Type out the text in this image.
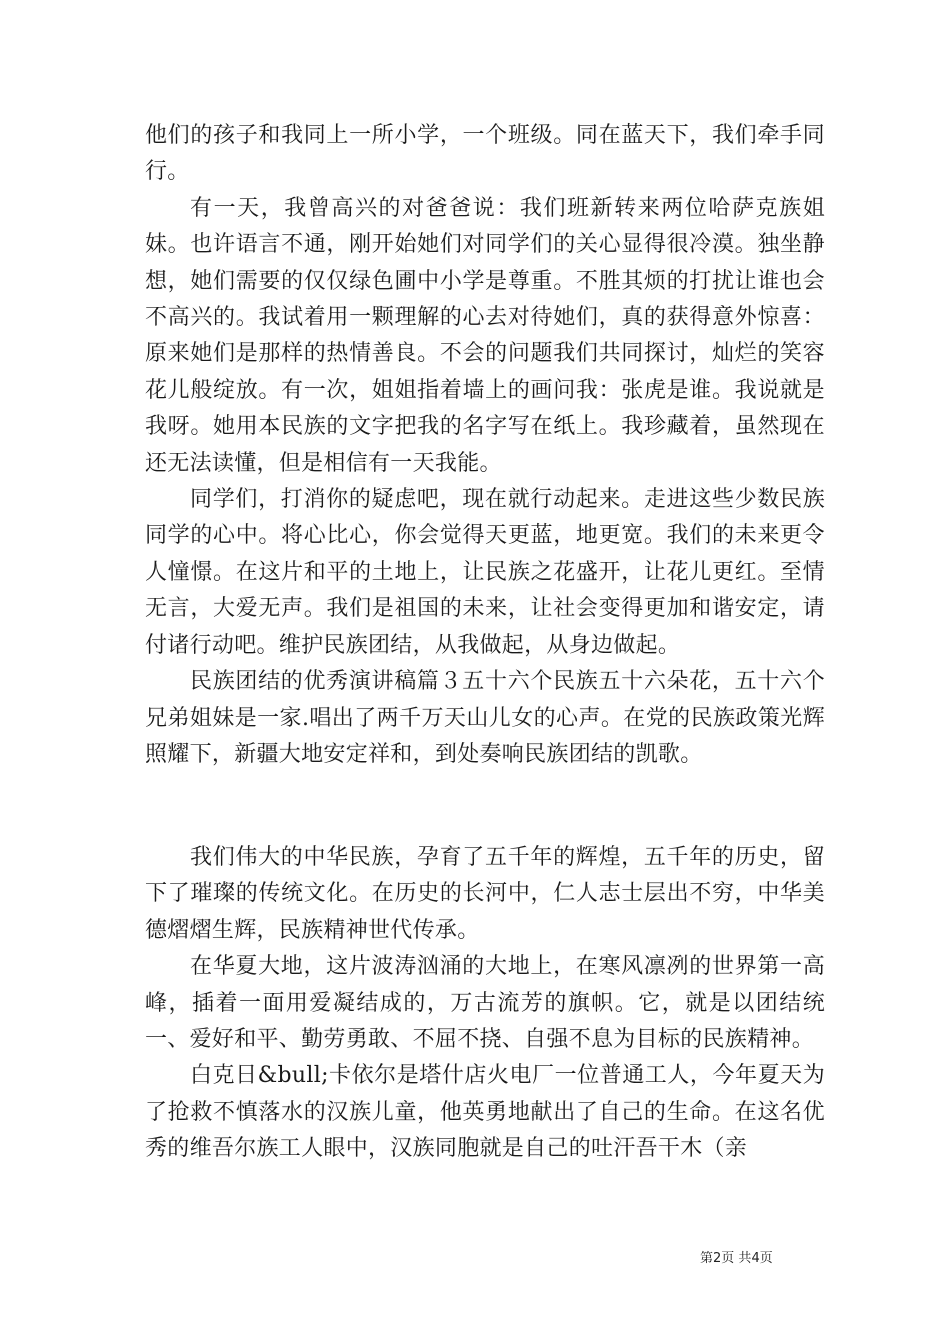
他们的孩子和我同上一所小学，一个班级。同在蓝天下，我们牵手同行。

有一天，我曾高兴的对爸爸说：我们班新转来两位哈萨克族姐妹。也许语言不通，刚开始她们对同学们的关心显得很冷漠。独坐静想，她们需要的仅仅绿色圃中小学是尊重。不胜其烦的打扰让谁也会不高兴的。我试着用一颗理解的心去对待她们，真的获得意外惊喜：原来她们是那样的热情善良。不会的问题我们共同探讨，灿烂的笑容花儿般绽放。有一次，姐姐指着墙上的画问我：张虎是谁。我说就是我呀。她用本民族的文字把我的名字写在纸上。我珍藏着，虽然现在还无法读懂，但是相信有一天我能。

同学们，打消你的疑虑吧，现在就行动起来。走进这些少数民族同学的心中。将心比心，你会觉得天更蓝，地更宽。我们的未来更令人憧憬。在这片和平的土地上，让民族之花盛开，让花儿更红。至情无言，大爱无声。我们是祖国的未来，让社会变得更加和谐安定，请付诸行动吧。维护民族团结，从我做起，从身边做起。

民族团结的优秀演讲稿篇３五十六个民族五十六朵花，五十六个兄弟姐妹是一家.唱出了两千万天山儿女的心声。在党的民族政策光辉照耀下，新疆大地安定祥和，到处奏响民族团结的凯歌。

我们伟大的中华民族，孕育了五千年的辉煌，五千年的历史，留下了璀璨的传统文化。在历史的长河中，仁人志士层出不穷，中华美德熠熠生辉，民族精神世代传承。

在华夏大地，这片波涛汹涌的大地上，在寒风凛冽的世界第一高峰，插着一面用爱凝结成的，万古流芳的旗帜。它，就是以团结统一、爱好和平、勤劳勇敢、不屈不挠、自强不息为目标的民族精神。

白克日&bull;卡依尔是塔什店火电厂一位普通工人，今年夏天为了抢救不慎落水的汉族儿童，他英勇地献出了自己的生命。在这名优秀的维吾尔族工人眼中，汉族同胞就是自己的吐汗吾干木（亲

第2页 共4页
